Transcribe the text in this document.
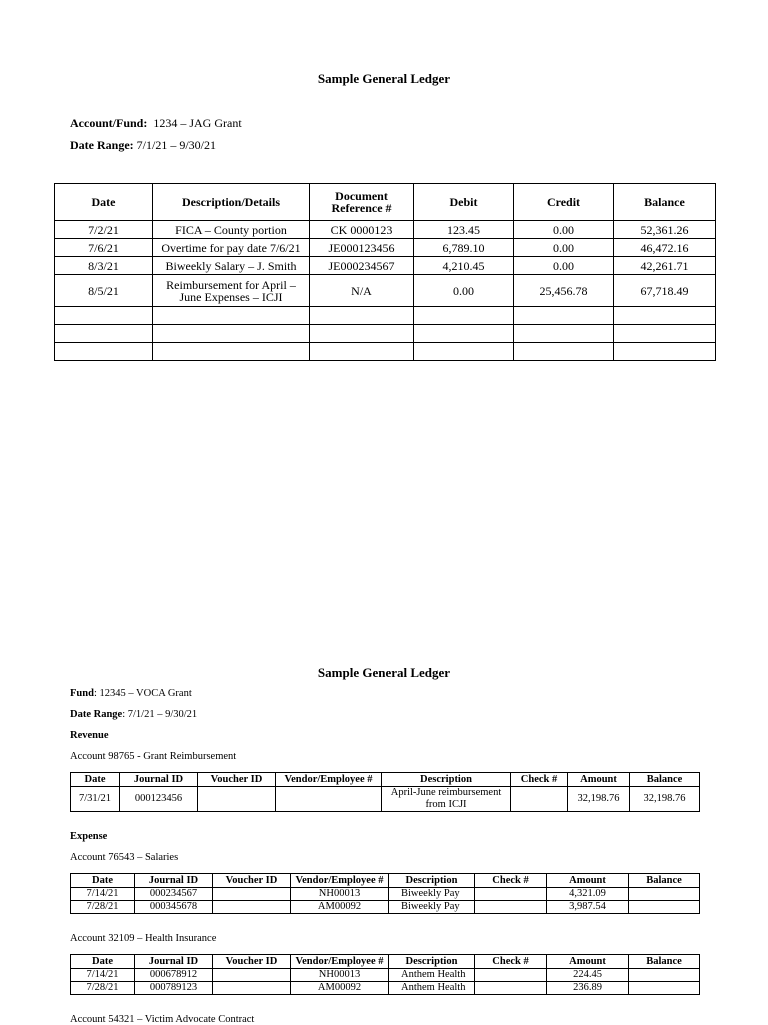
Sample General Ledger
Account/Fund: 1234 – JAG Grant
Date Range: 7/1/21 – 9/30/21
Date	Description/Details	Document Reference #	Debit	Credit	Balance
7/2/21	FICA – County portion	CK 0000123	123.45	0.00	52,361.26
7/6/21	Overtime for pay date 7/6/21	JE000123456	6,789.10	0.00	46,472.16
8/3/21	Biweekly Salary – J. Smith	JE000234567	4,210.45	0.00	42,261.71
8/5/21	Reimbursement for April – June Expenses – ICJI	N/A	0.00	25,456.78	67,718.49

Sample General Ledger
Fund: 12345 – VOCA Grant
Date Range: 7/1/21 – 9/30/21
Revenue
Account 98765 - Grant Reimbursement
Date	Journal ID	Voucher ID	Vendor/Employee #	Description	Check #	Amount	Balance
7/31/21	000123456			April-June reimbursement from ICJI		32,198.76	32,198.76
Expense
Account 76543 – Salaries
Date	Journal ID	Voucher ID	Vendor/Employee #	Description	Check #	Amount	Balance
7/14/21	000234567		NH00013	Biweekly Pay		4,321.09	
7/28/21	000345678		AM00092	Biweekly Pay		3,987.54	
Account 32109 – Health Insurance
Date	Journal ID	Voucher ID	Vendor/Employee #	Description	Check #	Amount	Balance
7/14/21	000678912		NH00013	Anthem Health		224.45	
7/28/21	000789123		AM00092	Anthem Health		236.89	
Account 54321 – Victim Advocate Contract
